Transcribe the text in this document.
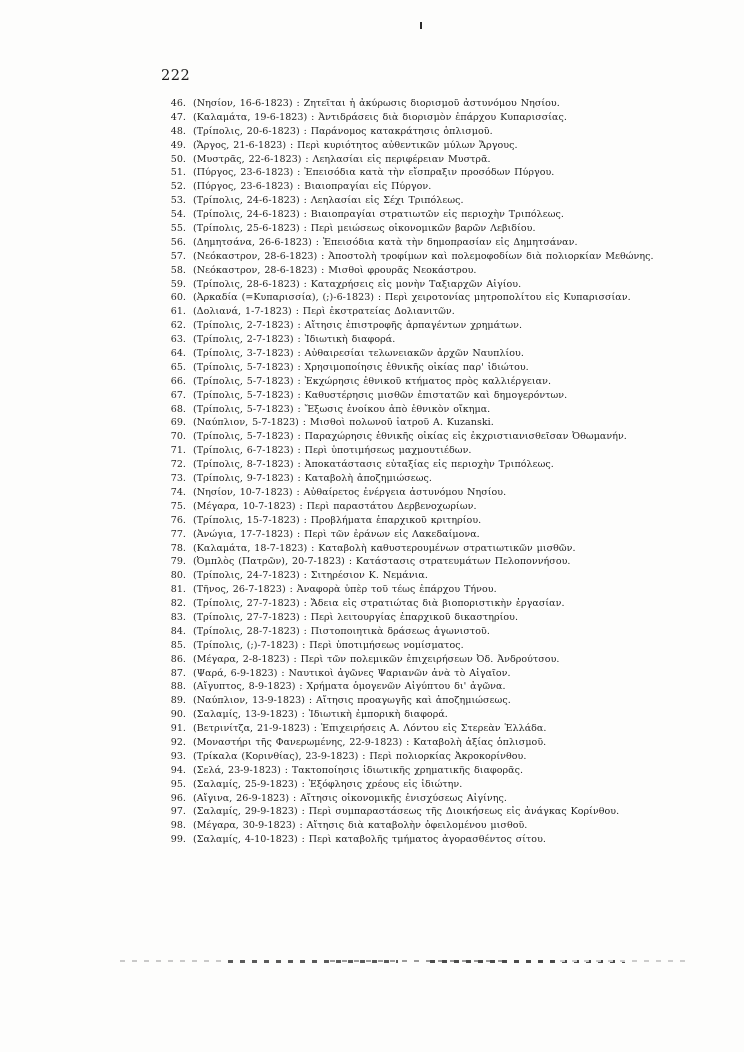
222
46. (Νησίον, 16-6-1823) : Ζητεῖται ἡ ἀκύρωσις διορισμοῦ ἀστυνόμου Νησίου.
47. (Καλαμάτα, 19-6-1823) : Ἀντιδράσεις διὰ διορισμὸν ἐπάρχου Κυπαρισσίας.
48. (Τρίπολις, 20-6-1823) : Παράνομος κατακράτησις ὁπλισμοῦ.
49. (Ἄργος, 21-6-1823) : Περὶ κυριότητος αὐθεντικῶν μύλων Ἄργους.
50. (Μυστρᾶς, 22-6-1823) : Λεηλασίαι εἰς περιφέρειαν Μυστρᾶ.
51. (Πύργος, 23-6-1823) : Ἐπεισόδια κατὰ τὴν εἴσπραξιν προσόδων Πύργου.
52. (Πύργος, 23-6-1823) : Βιαιοπραγίαι εἰς Πύργον.
53. (Τρίπολις, 24-6-1823) : Λεηλασίαι εἰς Σέχι Τριπόλεως.
54. (Τρίπολις, 24-6-1823) : Βιαιοπραγίαι στρατιωτῶν εἰς περιοχὴν Τριπόλεως.
55. (Τρίπολις, 25-6-1823) : Περὶ μειώσεως οἰκονομικῶν βαρῶν Λεβιδίου.
56. (Δημητσάνα, 26-6-1823) : Ἐπεισόδια κατὰ τὴν δημοπρασίαν εἰς Δημητσάναν.
57. (Νεόκαστρον, 28-6-1823) : Ἀποστολὴ τροφίμων καὶ πολεμοφοδίων διὰ πολιορκίαν Μεθώνης.
58. (Νεόκαστρον, 28-6-1823) : Μισθοὶ φρουρᾶς Νεοκάστρου.
59. (Τρίπολις, 28-6-1823) : Καταχρήσεις εἰς μονὴν Ταξιαρχῶν Αἰγίου.
60. (Ἀρκαδία (=Κυπαρισσία), (;)-6-1823) : Περὶ χειροτονίας μητροπολίτου εἰς Κυπαρισσίαν.
61. (Δολιανά, 1-7-1823) : Περὶ ἐκστρατείας Δολιανιτῶν.
62. (Τρίπολις, 2-7-1823) : Αἴτησις ἐπιστροφῆς ἁρπαγέντων χρημάτων.
63. (Τρίπολις, 2-7-1823) : Ἰδιωτικὴ διαφορά.
64. (Τρίπολις, 3-7-1823) : Αὐθαιρεσίαι τελωνειακῶν ἀρχῶν Ναυπλίου.
65. (Τρίπολις, 5-7-1823) : Χρησιμοποίησις ἐθνικῆς οἰκίας παρ' ἰδιώτου.
66. (Τρίπολις, 5-7-1823) : Ἐκχώρησις ἐθνικοῦ κτήματος πρὸς καλλιέργειαν.
67. (Τρίπολις, 5-7-1823) : Καθυστέρησις μισθῶν ἐπιστατῶν καὶ δημογερόντων.
68. (Τρίπολις, 5-7-1823) : Ἔξωσις ἐνοίκου ἀπὸ ἐθνικὸν οἴκημα.
69. (Ναύπλιον, 5-7-1823) : Μισθοὶ πολωνοῦ ἰατροῦ Α. Kuzanski.
70. (Τρίπολις, 5-7-1823) : Παραχώρησις ἐθνικῆς οἰκίας εἰς ἐκχριστιανισθεῖσαν Ὀθωμανήν.
71. (Τρίπολις, 6-7-1823) : Περὶ ὑποτιμήσεως μαχμουτιέδων.
72. (Τρίπολις, 8-7-1823) : Ἀποκατάστασις εὐταξίας εἰς περιοχὴν Τριπόλεως.
73. (Τρίπολις, 9-7-1823) : Καταβολὴ ἀποζημιώσεως.
74. (Νησίον, 10-7-1823) : Αὐθαίρετος ἐνέργεια ἀστυνόμου Νησίου.
75. (Μέγαρα, 10-7-1823) : Περὶ παραστάτου Δερβενοχωρίων.
76. (Τρίπολις, 15-7-1823) : Προβλήματα ἐπαρχικοῦ κριτηρίου.
77. (Ἀνώγια, 17-7-1823) : Περὶ τῶν ἐράνων εἰς Λακεδαίμονα.
78. (Καλαμάτα, 18-7-1823) : Καταβολὴ καθυστερουμένων στρατιωτικῶν μισθῶν.
79. (Ὀμπλὸς (Πατρῶν), 20-7-1823) : Κατάστασις στρατευμάτων Πελοποννήσου.
80. (Τρίπολις, 24-7-1823) : Σιτηρέσιον Κ. Νεμάνια.
81. (Τῆνος, 26-7-1823) : Ἀναφορὰ ὑπὲρ τοῦ τέως ἐπάρχου Τήνου.
82. (Τρίπολις, 27-7-1823) : Ἄδεια εἰς στρατιώτας διὰ βιοποριστικὴν ἐργασίαν.
83. (Τρίπολις, 27-7-1823) : Περὶ λειτουργίας ἐπαρχικοῦ δικαστηρίου.
84. (Τρίπολις, 28-7-1823) : Πιστοποιητικὰ δράσεως ἀγωνιστοῦ.
85. (Τρίπολις, (;)-7-1823) : Περὶ ὑποτιμήσεως νομίσματος.
86. (Μέγαρα, 2-8-1823) : Περὶ τῶν πολεμικῶν ἐπιχειρήσεων Ὀδ. Ἀνδρούτσου.
87. (Ψαρά, 6-9-1823) : Ναυτικοὶ ἀγῶνες Ψαριανῶν ἀνὰ τὸ Αἰγαῖον.
88. (Αἴγυπτος, 8-9-1823) : Χρήματα ὁμογενῶν Αἰγύπτου δι' ἀγῶνα.
89. (Ναύπλιον, 13-9-1823) : Αἴτησις προαγωγῆς καὶ ἀποζημιώσεως.
90. (Σαλαμίς, 13-9-1823) : Ἰδιωτικὴ ἐμπορικὴ διαφορά.
91. (Βετρινίτζα, 21-9-1823) : Ἐπιχειρήσεις Α. Λόντου εἰς Στερεὰν Ἑλλάδα.
92. (Μοναστήρι τῆς Φανερωμένης, 22-9-1823) : Καταβολὴ ἀξίας ὁπλισμοῦ.
93. (Τρίκαλα (Κορινθίας), 23-9-1823) : Περὶ πολιορκίας Ἀκροκορίνθου.
94. (Σελά, 23-9-1823) : Τακτοποίησις ἰδιωτικῆς χρηματικῆς διαφορᾶς.
95. (Σαλαμίς, 25-9-1823) : Ἐξόφλησις χρέους εἰς ἰδιώτην.
96. (Αἴγινα, 26-9-1823) : Αἴτησις οἰκονομικῆς ἐνισχύσεως Αἰγίνης.
97. (Σαλαμίς, 29-9-1823) : Περὶ συμπαραστάσεως τῆς Διοικήσεως εἰς ἀνάγκας Κορίνθου.
98. (Μέγαρα, 30-9-1823) : Αἴτησις διὰ καταβολὴν ὀφειλομένου μισθοῦ.
99. (Σαλαμίς, 4-10-1823) : Περὶ καταβολῆς τμήματος ἀγορασθέντος σίτου.
